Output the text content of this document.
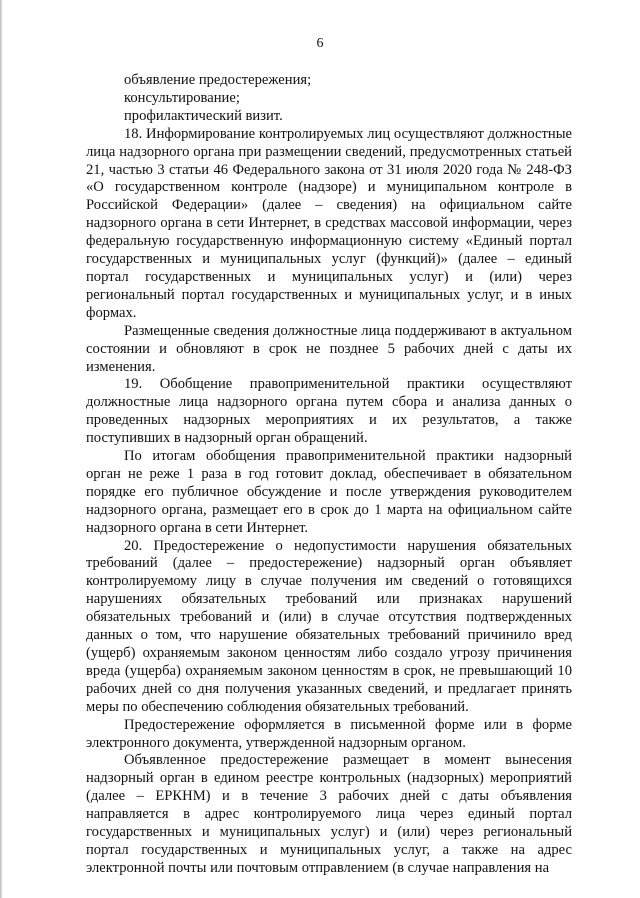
6

объявление предостережения;

консультирование;

профилактический визит.

18. Информирование контролируемых лиц осуществляют должностные лица надзорного органа при размещении сведений, предусмотренных статьей 21, частью 3 статьи 46 Федерального закона от 31 июля 2020 года № 248-ФЗ «О государственном контроле (надзоре) и муниципальном контроле в Российской Федерации» (далее – сведения) на официальном сайте надзорного органа в сети Интернет, в средствах массовой информации, через федеральную государственную информационную систему «Единый портал государственных и муниципальных услуг (функций)» (далее – единый портал государственных и муниципальных услуг) и (или) через региональный портал государственных и муниципальных услуг, и в иных формах.

Размещенные сведения должностные лица поддерживают в актуальном состоянии и обновляют в срок не позднее 5 рабочих дней с даты их изменения.

19. Обобщение правоприменительной практики осуществляют должностные лица надзорного органа путем сбора и анализа данных о проведенных надзорных мероприятиях и их результатов, а также поступивших в надзорный орган обращений.

По итогам обобщения правоприменительной практики надзорный орган не реже 1 раза в год готовит доклад, обеспечивает в обязательном порядке его публичное обсуждение и после утверждения руководителем надзорного органа, размещает его в срок до 1 марта на официальном сайте надзорного органа в сети Интернет.

20. Предостережение о недопустимости нарушения обязательных требований (далее – предостережение) надзорный орган объявляет контролируемому лицу в случае получения им сведений о готовящихся нарушениях обязательных требований или признаках нарушений обязательных требований и (или) в случае отсутствия подтвержденных данных о том, что нарушение обязательных требований причинило вред (ущерб) охраняемым законом ценностям либо создало угрозу причинения вреда (ущерба) охраняемым законом ценностям в срок, не превышающий 10 рабочих дней со дня получения указанных сведений, и предлагает принять меры по обеспечению соблюдения обязательных требований.

Предостережение оформляется в письменной форме или в форме электронного документа, утвержденной надзорным органом.

Объявленное предостережение размещает в момент вынесения надзорный орган в едином реестре контрольных (надзорных) мероприятий (далее – ЕРКНМ) и в течение 3 рабочих дней с даты объявления направляется в адрес контролируемого лица через единый портал государственных и муниципальных услуг) и (или) через региональный портал государственных и муниципальных услуг, а также на адрес электронной почты или почтовым отправлением (в случае направления на
